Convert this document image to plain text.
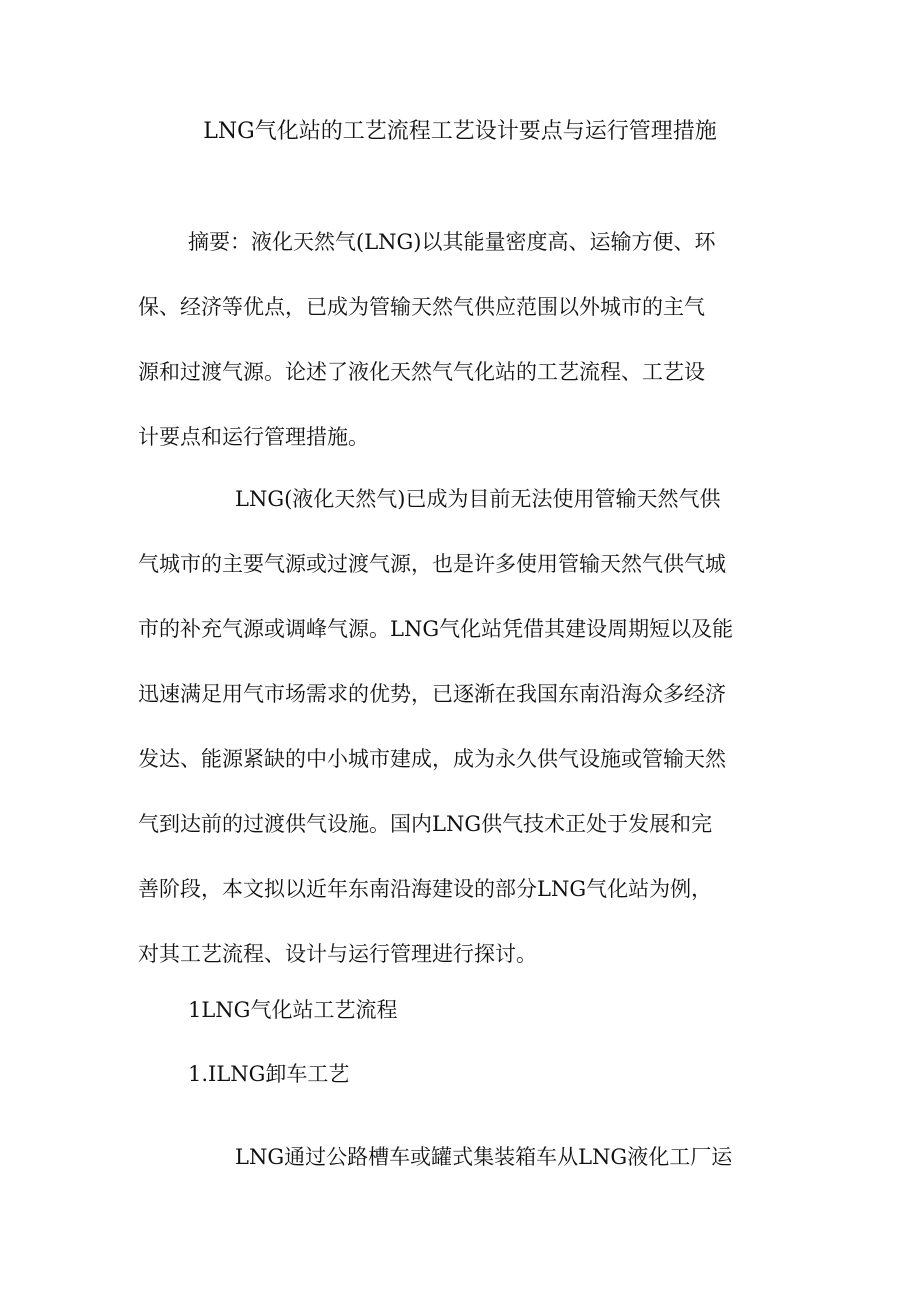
LNG气化站的工艺流程工艺设计要点与运行管理措施
摘要：液化天然气(LNG)以其能量密度高、运输方便、环
保、经济等优点，已成为管输天然气供应范围以外城市的主气
源和过渡气源。论述了液化天然气气化站的工艺流程、工艺设
计要点和运行管理措施。
LNG(液化天然气)已成为目前无法使用管输天然气供
气城市的主要气源或过渡气源，也是许多使用管输天然气供气城
市的补充气源或调峰气源。LNG气化站凭借其建设周期短以及能
迅速满足用气市场需求的优势，已逐渐在我国东南沿海众多经济
发达、能源紧缺的中小城市建成，成为永久供气设施或管输天然
气到达前的过渡供气设施。国内LNG供气技术正处于发展和完
善阶段，本文拟以近年东南沿海建设的部分LNG气化站为例，
对其工艺流程、设计与运行管理进行探讨。
1LNG气化站工艺流程
1.ILNG卸车工艺
LNG通过公路槽车或罐式集装箱车从LNG液化工厂运
